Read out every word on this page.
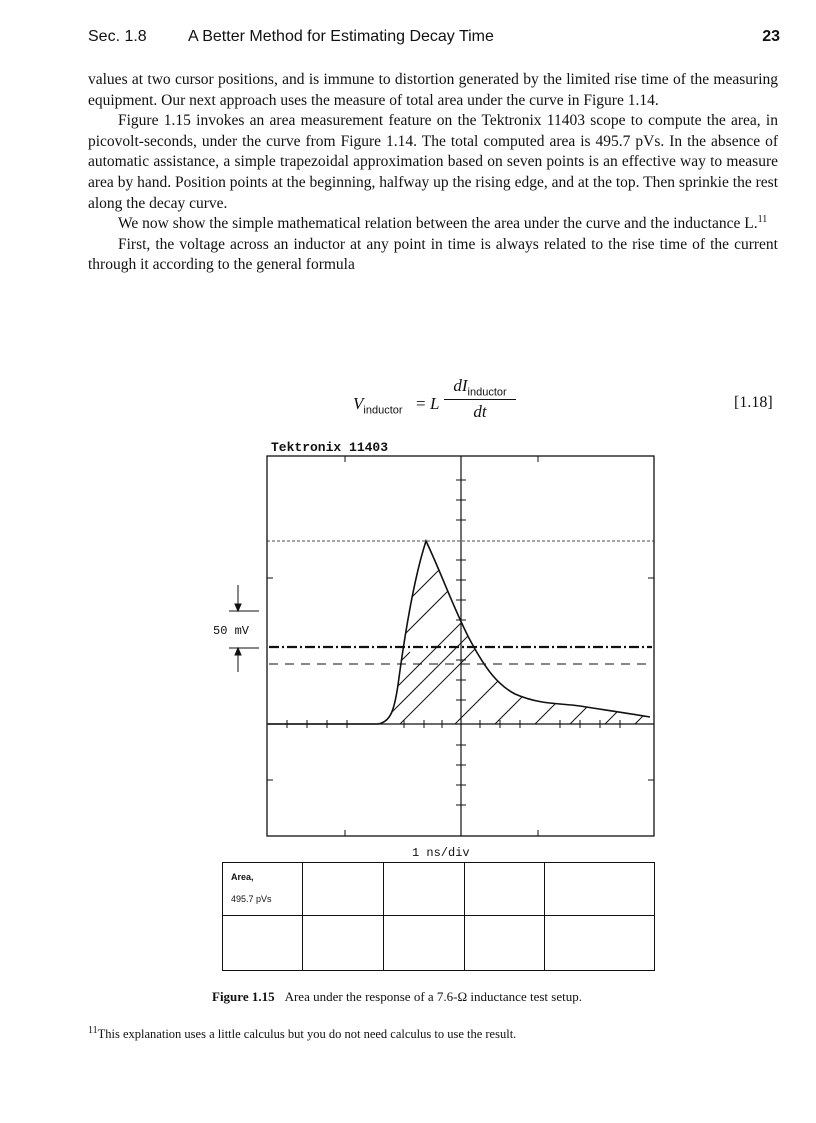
Sec. 1.8	A Better Method for Estimating Decay Time	23

values at two cursor positions, and is immune to distortion generated by the limited rise time of the measuring equipment. Our next approach uses the measure of total area under the curve in Figure 1.14.

Figure 1.15 invokes an area measurement feature on the Tektronix 11403 scope to compute the area, in picovolt-seconds, under the curve from Figure 1.14. The total computed area is 495.7 pVs. In the absence of automatic assistance, a simple trapezoidal approximation based on seven points is an effective way to measure area by hand. Position points at the beginning, halfway up the rising edge, and at the top. Then sprinkie the rest along the decay curve.

We now show the simple mathematical relation between the area under the curve and the inductance L.$^{11}$

First, the voltage across an inductor at any point in time is always related to the rise time of the current through it according to the general formula

$V_{inductor} = L$
$dI_{inductor}$
dt	[1.18]
Tektronix 11403
50 mV
1 ns/div
Area,
495.7 pVs
Figure 1.15 Area under the response of a 7.6-Ω inductance test setup.
$^{11}$This explanation uses a little calculus but you do not need calculus to use the result.
